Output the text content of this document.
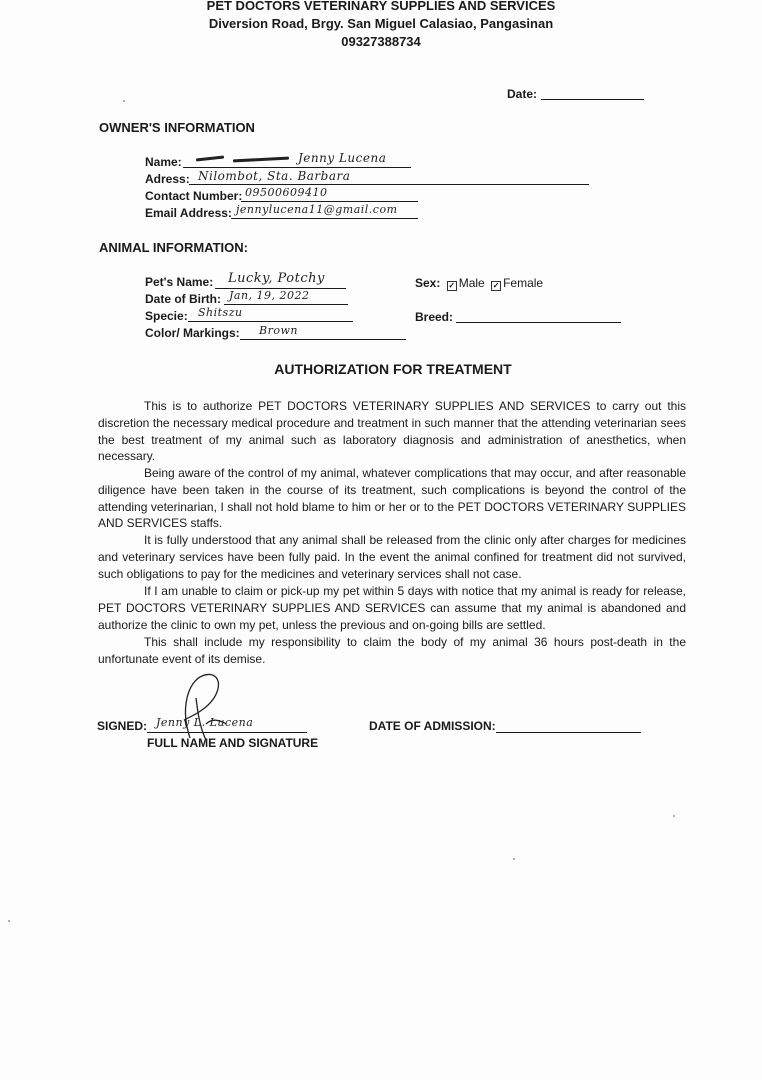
PET DOCTORS VETERINARY SUPPLIES AND SERVICES
Diversion Road, Brgy. San Miguel Calasiao, Pangasinan
09327388734
Date:
OWNER'S INFORMATION
Name:	Jenny Lucena
Adress: Nilombot, Sta. Barbara
Contact Number: 09500609410
Email Address: jennylucena11@gmail.com
ANIMAL INFORMATION:
Pet's Name: Lucky, Potchy
Date of Birth: Jan, 19, 2022
Specie: Shitszu
Color/ Markings: Brown
Sex: ✓ Male ✓ Female
Breed:
AUTHORIZATION FOR TREATMENT

This is to authorize PET DOCTORS VETERINARY SUPPLIES AND SERVICES to carry out this discretion the necessary medical procedure and treatment in such manner that the attending veterinarian sees the best treatment of my animal such as laboratory diagnosis and administration of anesthetics, when necessary.

Being aware of the control of my animal, whatever complications that may occur, and after reasonable diligence have been taken in the course of its treatment, such complications is beyond the control of the attending veterinarian, I shall not hold blame to him or her or to the PET DOCTORS VETERINARY SUPPLIES AND SERVICES staffs.

It is fully understood that any animal shall be released from the clinic only after charges for medicines and veterinary services have been fully paid. In the event the animal confined for treatment did not survived, such obligations to pay for the medicines and veterinary services shall not case.

If I am unable to claim or pick-up my pet within 5 days with notice that my animal is ready for release, PET DOCTORS VETERINARY SUPPLIES AND SERVICES can assume that my animal is abandoned and authorize the clinic to own my pet, unless the previous and on-going bills are settled.

This shall include my responsibility to claim the body of my animal 36 hours post-death in the unfortunate event of its demise.

SIGNED: Jenny L. Lucena
FULL NAME AND SIGNATURE
DATE OF ADMISSION:
